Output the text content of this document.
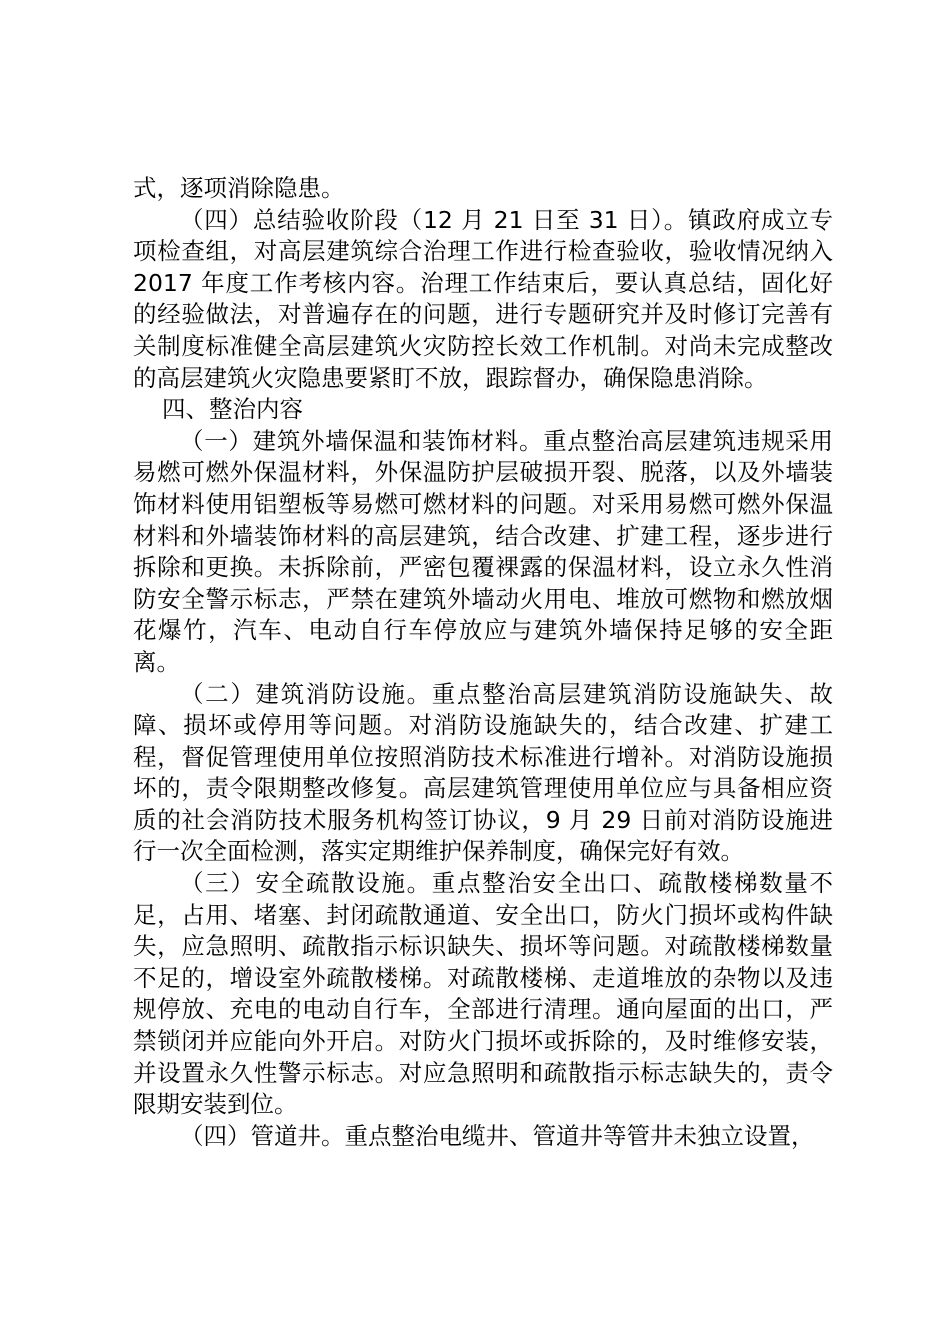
式，逐项消除隐患。

（四）总结验收阶段（12 月 21 日至 31 日）。镇政府成立专项检查组，对高层建筑综合治理工作进行检查验收，验收情况纳入 2017 年度工作考核内容。治理工作结束后，要认真总结，固化好的经验做法，对普遍存在的问题，进行专题研究并及时修订完善有关制度标准健全高层建筑火灾防控长效工作机制。对尚未完成整改的高层建筑火灾隐患要紧盯不放，跟踪督办，确保隐患消除。

四、整治内容

（一）建筑外墙保温和装饰材料。重点整治高层建筑违规采用易燃可燃外保温材料，外保温防护层破损开裂、脱落，以及外墙装饰材料使用铝塑板等易燃可燃材料的问题。对采用易燃可燃外保温材料和外墙装饰材料的高层建筑，结合改建、扩建工程，逐步进行拆除和更换。未拆除前，严密包覆裸露的保温材料，设立永久性消防安全警示标志，严禁在建筑外墙动火用电、堆放可燃物和燃放烟花爆竹，汽车、电动自行车停放应与建筑外墙保持足够的安全距离。

（二）建筑消防设施。重点整治高层建筑消防设施缺失、故障、损坏或停用等问题。对消防设施缺失的，结合改建、扩建工程，督促管理使用单位按照消防技术标准进行增补。对消防设施损坏的，责令限期整改修复。高层建筑管理使用单位应与具备相应资质的社会消防技术服务机构签订协议，9 月 29 日前对消防设施进行一次全面检测，落实定期维护保养制度，确保完好有效。

（三）安全疏散设施。重点整治安全出口、疏散楼梯数量不足，占用、堵塞、封闭疏散通道、安全出口，防火门损坏或构件缺失，应急照明、疏散指示标识缺失、损坏等问题。对疏散楼梯数量不足的，增设室外疏散楼梯。对疏散楼梯、走道堆放的杂物以及违规停放、充电的电动自行车，全部进行清理。通向屋面的出口，严禁锁闭并应能向外开启。对防火门损坏或拆除的，及时维修安装，并设置永久性警示标志。对应急照明和疏散指示标志缺失的，责令限期安装到位。

（四）管道井。重点整治电缆井、管道井等管井未独立设置，
